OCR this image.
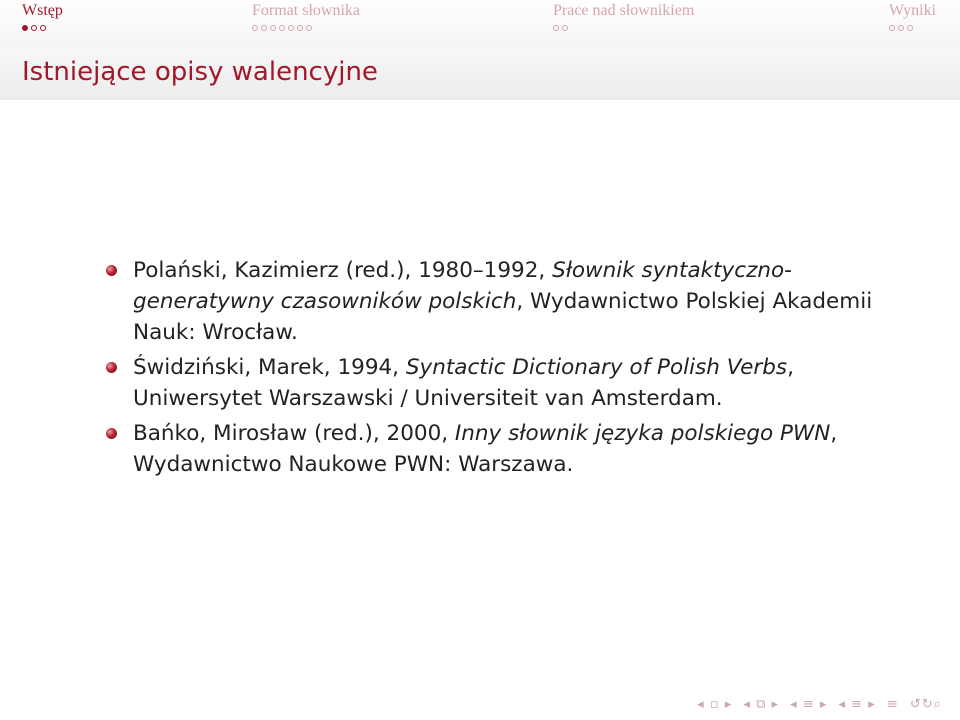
Wstęp	Format słownika	Prace nad słownikiem	Wyniki
Istniejące opisy walencyjne
Polański, Kazimierz (red.), 1980–1992, Słownik syntaktyczno-generatywny czasowników polskich, Wydawnictwo Polskiej Akademii Nauk: Wrocław.
Świdziński, Marek, 1994, Syntactic Dictionary of Polish Verbs, Uniwersytet Warszawski / Universiteit van Amsterdam.
Bańko, Mirosław (red.), 2000, Inny słownik języka polskiego PWN, Wydawnictwo Naukowe PWN: Warszawa.
◂ ▫ ▸ ◂ ⧉ ▸ ◂ ≡ ▸ ◂ ≡ ▸ ≡ ↺↻⌕
